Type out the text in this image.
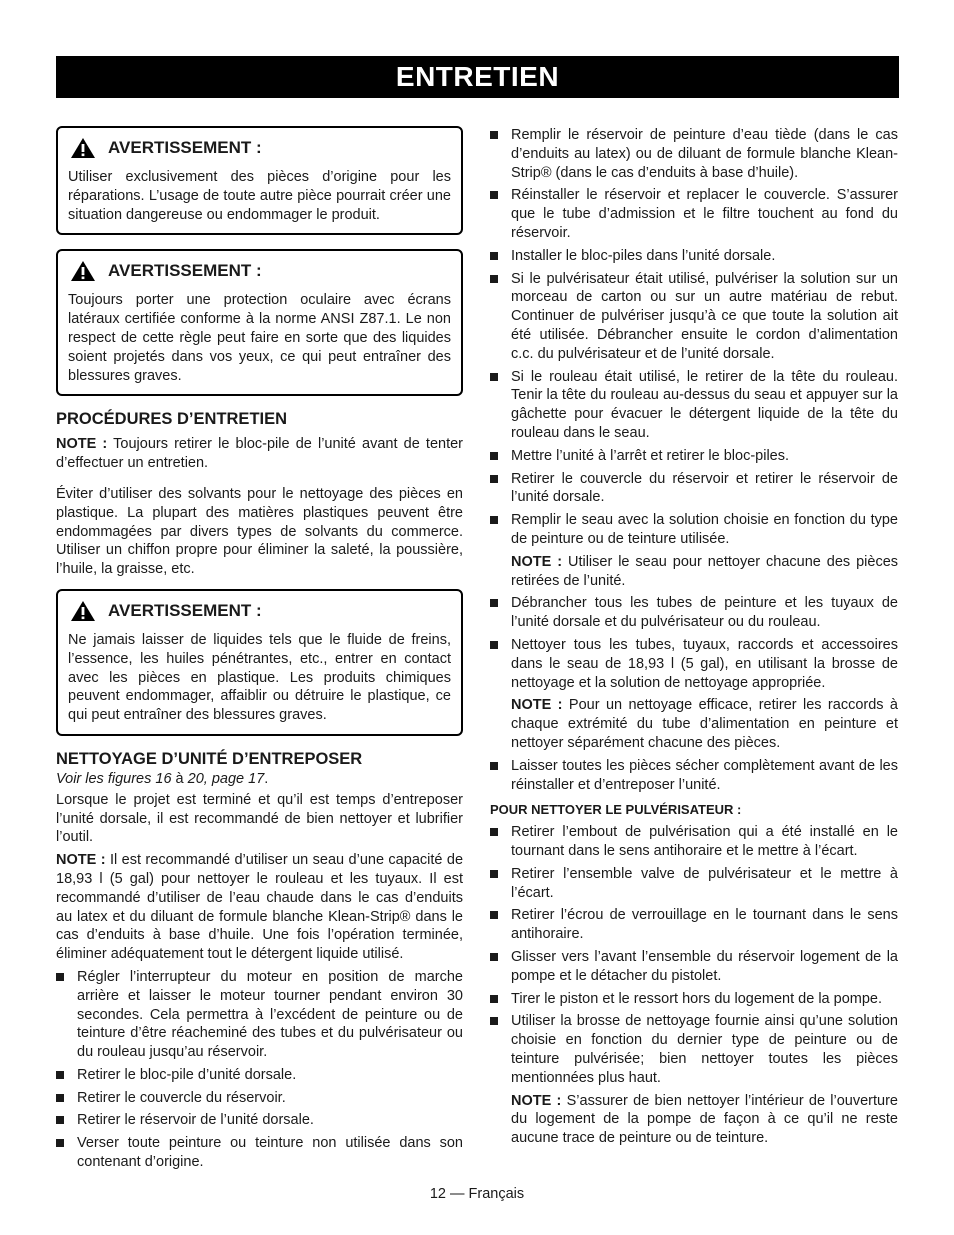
ENTRETIEN
AVERTISSEMENT :

Utiliser exclusivement des pièces d’origine pour les réparations. L’usage de toute autre pièce pourrait créer une situation dangereuse ou endommager le produit.

AVERTISSEMENT :

Toujours porter une protection oculaire avec écrans latéraux certifiée conforme à la norme ANSI Z87.1. Le non respect de cette règle peut faire en sorte que des liquides soient projetés dans vos yeux, ce qui peut entraîner des blessures graves.

PROCÉDURES D’ENTRETIEN

NOTE : Toujours retirer le bloc-pile de l’unité avant de tenter d’effectuer un entretien.

Éviter d’utiliser des solvants pour le nettoyage des pièces en plastique. La plupart des matières plastiques peuvent être endommagées par divers types de solvants du commerce. Utiliser un chiffon propre pour éliminer la saleté, la poussière, l’huile, la graisse, etc.

AVERTISSEMENT :

Ne jamais laisser de liquides tels que le fluide de freins, l’essence, les huiles pénétrantes, etc., entrer en contact avec les pièces en plastique. Les produits chimiques peuvent endommager, affaiblir ou détruire le plastique, ce qui peut entraîner des blessures graves.

NETTOYAGE D’UNITÉ D’ENTREPOSER

Voir les figures 16 à 20, page 17.

Lorsque le projet est terminé et qu’il est temps d’entreposer l’unité dorsale, il est recommandé de bien nettoyer et lubrifier l’outil.

NOTE : Il est recommandé d’utiliser un seau d’une capacité de 18,93 l (5 gal) pour nettoyer le rouleau et les tuyaux. Il est recommandé d’utiliser de l’eau chaude dans le cas d’enduits au latex et du diluant de formule blanche Klean-Strip® dans le cas d’enduits à base d’huile. Une fois l’opération terminée, éliminer adéquatement tout le détergent liquide utilisé.

Régler l’interrupteur du moteur en position de marche arrière et laisser le moteur tourner pendant environ 30 secondes. Cela permettra à l’excédent de peinture ou de teinture d’être réacheminé des tubes et du pulvérisateur ou du rouleau jusqu’au réservoir.
Retirer le bloc-pile d’unité dorsale.
Retirer le couvercle du réservoir.
Retirer le réservoir de l’unité dorsale.
Verser toute peinture ou teinture non utilisée dans son contenant d’origine.
Remplir le réservoir de peinture d’eau tiède (dans le cas d’enduits au latex) ou de diluant de formule blanche Klean-Strip® (dans le cas d’enduits à base d’huile).
Réinstaller le réservoir et replacer le couvercle. S’assurer que le tube d’admission et le filtre touchent au fond du réservoir.
Installer le bloc-piles dans l’unité dorsale.
Si le pulvérisateur était utilisé, pulvériser la solution sur un morceau de carton ou sur un autre matériau de rebut. Continuer de pulvériser jusqu’à ce que toute la solution ait été utilisée. Débrancher ensuite le cordon d’alimentation c.c. du pulvérisateur et de l’unité dorsale.
Si le rouleau était utilisé, le retirer de la tête du rouleau. Tenir la tête du rouleau au-dessus du seau et appuyer sur la gâchette pour évacuer le détergent liquide de la tête du rouleau dans le seau.
Mettre l’unité à l’arrêt et retirer le bloc-piles.
Retirer le couvercle du réservoir et retirer le réservoir de l’unité dorsale.
Remplir le seau avec la solution choisie en fonction du type de peinture ou de teinture utilisée.

NOTE : Utiliser le seau pour nettoyer chacune des pièces retirées de l’unité.

Débrancher tous les tubes de peinture et les tuyaux de l’unité dorsale et du pulvérisateur ou du rouleau.
Nettoyer tous les tubes, tuyaux, raccords et accessoires dans le seau de 18,93 l (5 gal), en utilisant la brosse de nettoyage et la solution de nettoyage appropriée.

NOTE : Pour un nettoyage efficace, retirer les raccords à chaque extrémité du tube d’alimentation en peinture et nettoyer séparément chacune des pièces.

Laisser toutes les pièces sécher complètement avant de les réinstaller et d’entreposer l’unité.
POUR NETTOYER LE PULVÉRISATEUR :
Retirer l’embout de pulvérisation qui a été installé en le tournant dans le sens antihoraire et le mettre à l’écart.
Retirer l’ensemble valve de pulvérisateur et le mettre à l’écart.
Retirer l’écrou de verrouillage en le tournant dans le sens antihoraire.
Glisser vers l’avant l’ensemble du réservoir logement de la pompe et le détacher du pistolet.
Tirer le piston et le ressort hors du logement de la pompe.
Utiliser la brosse de nettoyage fournie ainsi qu’une solution choisie en fonction du dernier type de peinture ou de teinture pulvérisée; bien nettoyer toutes les pièces mentionnées plus haut.

NOTE : S’assurer de bien nettoyer l’intérieur de l’ouverture du logement de la pompe de façon à ce qu’il ne reste aucune trace de peinture ou de teinture.

12 — Français
